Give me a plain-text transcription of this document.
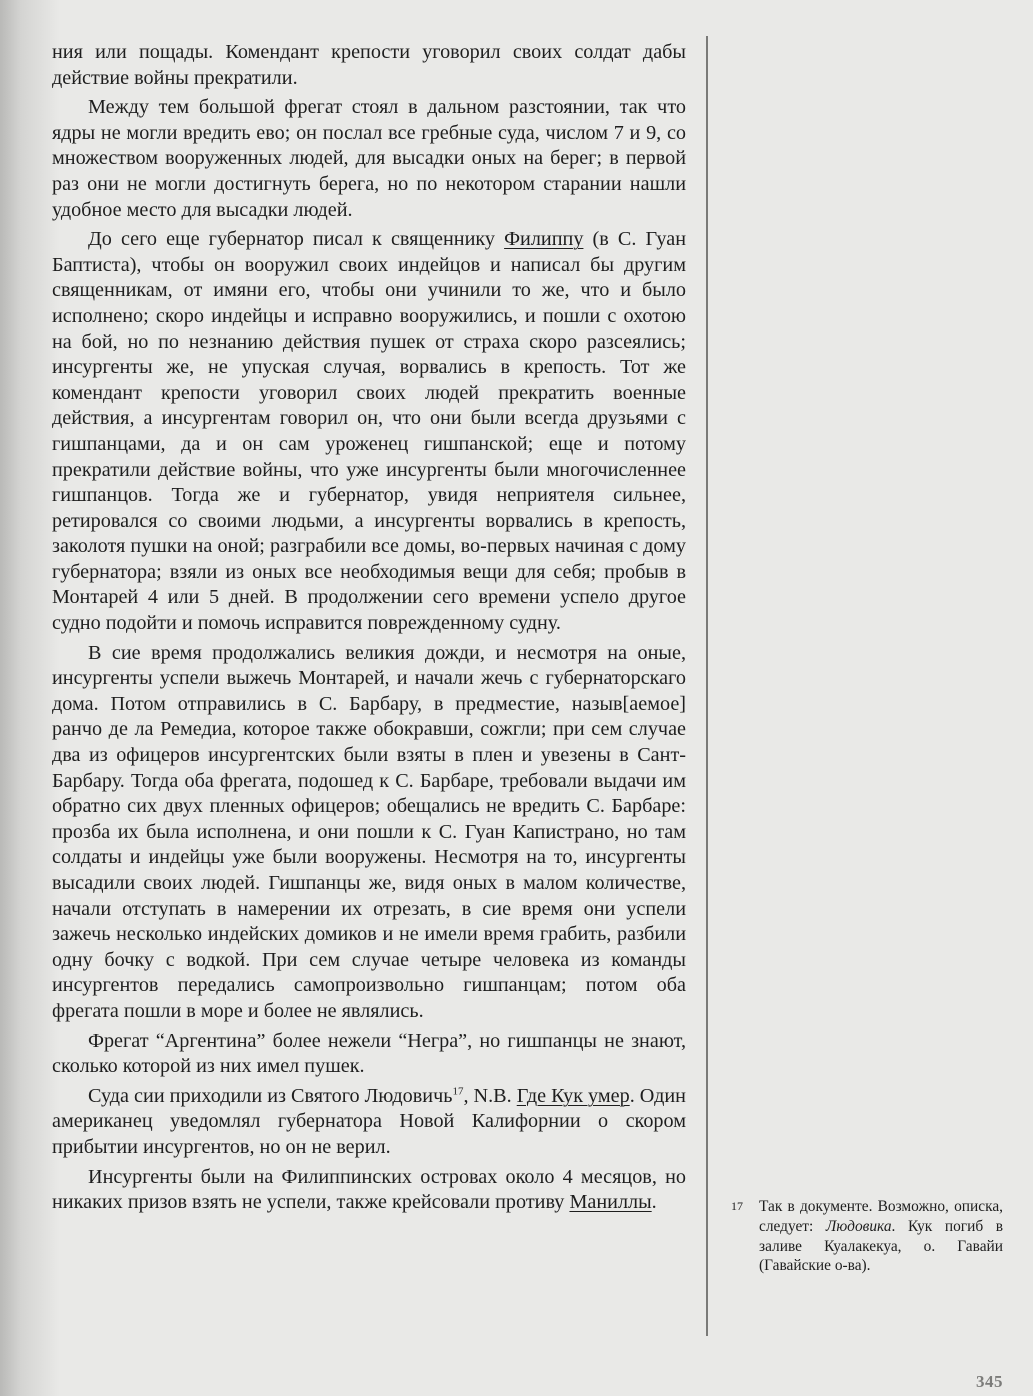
ния или пощады. Комендант крепости уговорил своих солдат дабы действие войны прекратили.

Между тем большой фрегат стоял в дальном разстоянии, так что ядры не могли вредить ево; он послал все гребные суда, числом 7 и 9, со множеством вооруженных людей, для высадки оных на берег; в первой раз они не могли достигнуть берега, но по некотором старании нашли удобное место для высадки людей.

До сего еще губернатор писал к священнику Филиппу (в С. Гуан Баптиста), чтобы он вооружил своих индейцов и написал бы другим священникам, от имяни его, чтобы они учинили то же, что и было исполнено; скоро индейцы и исправно вооружились, и пошли с охотою на бой, но по незнанию действия пушек от страха скоро разсеялись; инсургенты же, не упуская случая, ворвались в крепость. Тот же комендант крепости уговорил своих людей прекратить военные действия, а инсургентам говорил он, что они были всегда друзьями с гишпанцами, да и он сам уроженец гишпанской; еще и потому прекратили действие войны, что уже инсургенты были многочисленнее гишпанцов. Тогда же и губернатор, увидя неприятеля сильнее, ретировался со своими людьми, а инсургенты ворвались в крепость, заколотя пушки на оной; разграбили все домы, во-первых начиная с дому губернатора; взяли из оных все необходимыя вещи для себя; пробыв в Монтарей 4 или 5 дней. В продолжении сего времени успело другое судно подойти и помочь исправится поврежденному судну.

В сие время продолжались великия дожди, и несмотря на оные, инсургенты успели выжечь Монтарей, и начали жечь с губернаторскаго дома. Потом отправились в С. Барбару, в предместие, назыв[аемое] ранчо де ла Ремедиа, которое также обокравши, сожгли; при сем случае два из офицеров инсургентских были взяты в плен и увезены в Сант-Барбару. Тогда оба фрегата, подошед к С. Барбаре, требовали выдачи им обратно сих двух пленных офицеров; обещались не вредить С. Барбаре: прозба их была исполнена, и они пошли к С. Гуан Капистрано, но там солдаты и индейцы уже были вооружены. Несмотря на то, инсургенты высадили своих людей. Гишпанцы же, видя оных в малом количестве, начали отступать в намерении их отрезать, в сие время они успели зажечь несколько индейских домиков и не имели время грабить, разбили одну бочку с водкой. При сем случае четыре человека из команды инсургентов передались самопроизвольно гишпанцам; потом оба фрегата пошли в море и более не являлись.

Фрегат “Аргентина” более нежели “Негра”, но гишпанцы не знают, сколько которой из них имел пушек.

Суда сии приходили из Святого Людовичь$^{17}$, N.B. Где Кук умер. Один американец уведомлял губернатора Новой Калифорнии о скором прибытии инсургентов, но он не верил.

Инсургенты были на Филиппинских островах около 4 месяцов, но никаких призов взять не успели, также крейсовали противу Маниллы.	17	Так в документе. Возможно, описка, следует: Людовика. Кук погиб в заливе Куалакекуа, о. Гавайи (Гавайские о-ва).
345
